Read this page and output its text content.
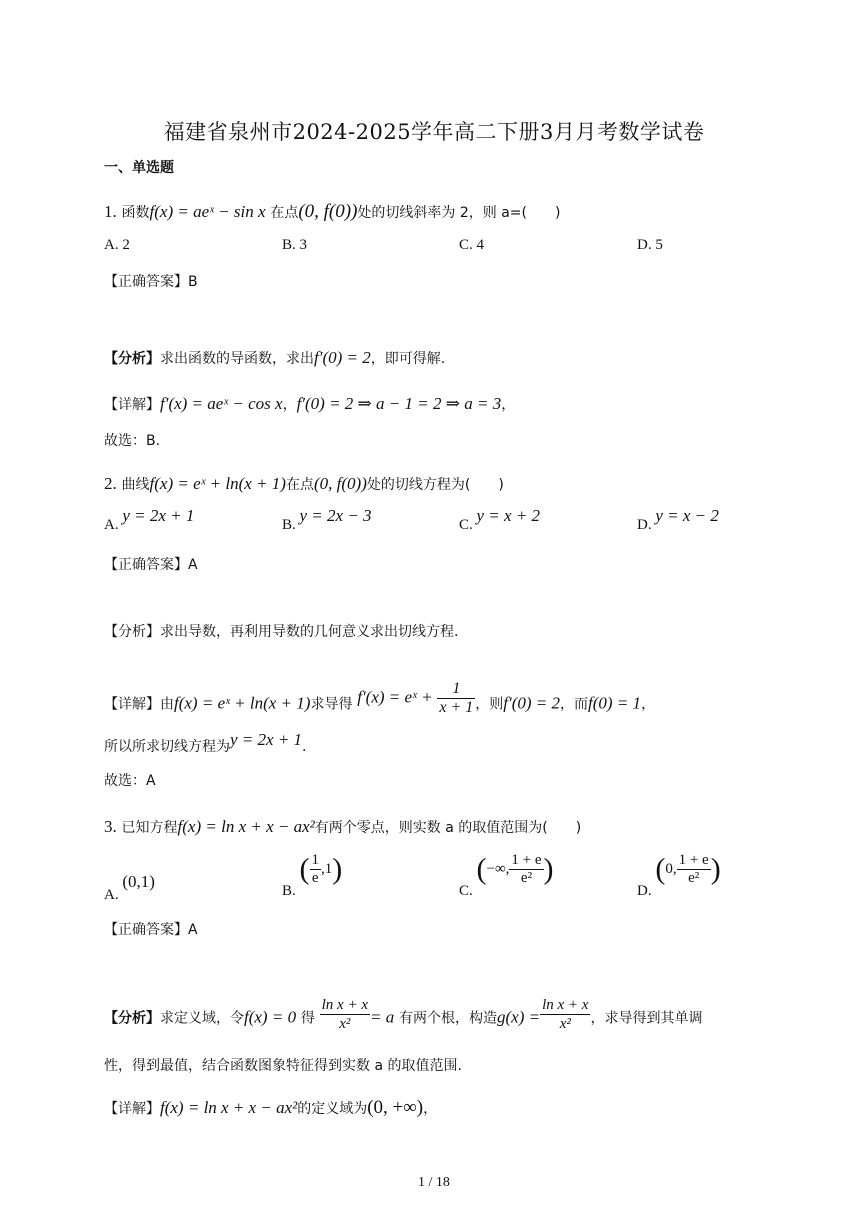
福建省泉州市2024-2025学年高二下册3月月考数学试卷
一、单选题
1. 函数f(x) = aeˣ − sin x 在点(0, f(0))处的切线斜率为 2，则 a=(　　)
A. 2	B. 3	C. 4	D. 5
【正确答案】B
【分析】求出函数的导函数，求出f′(0) = 2，即可得解.
【详解】f′(x) = aeˣ − cos x，f′(0) = 2 ⇒ a − 1 = 2 ⇒ a = 3，
故选：B.
2. 曲线f(x) = eˣ + ln(x + 1)在点(0, f(0))处的切线方程为(　　)
A. y = 2x + 1	B. y = 2x − 3	C. y = x + 2	D. y = x − 2
【正确答案】A
【分析】求出导数，再利用导数的几何意义求出切线方程.
【详解】由f(x) = eˣ + ln(x + 1)求导得 f′(x) = eˣ + $\frac{1}{x + 1}$ ，则f′(0) = 2，而f(0) = 1，
所以所求切线方程为y = 2x + 1.
故选：A
3. 已知方程f(x) = ln x + x − ax²有两个零点，则实数 a 的取值范围为(　　)
A. (0,1)	B. ( $\frac{1}{e} ,1$)
C. (−∞, $\frac{1 + e}{\text{e²}}$ )
D. (0, $\frac{1 + e}{\text{e²}}$ )
【正确答案】A
【分析】求定义域，令f(x) = 0 得 $\frac{\text{ln x + x}}{\text{x²}} = a$ 有两个根，构造$g(x) = \frac{\text{ln x + x}}{\text{x²}}$ ，求导得到其单调
性，得到最值，结合函数图象特征得到实数 a 的取值范围.
【详解】f(x) = ln x + x − ax²的定义域为(0, +∞)，
1 / 18
